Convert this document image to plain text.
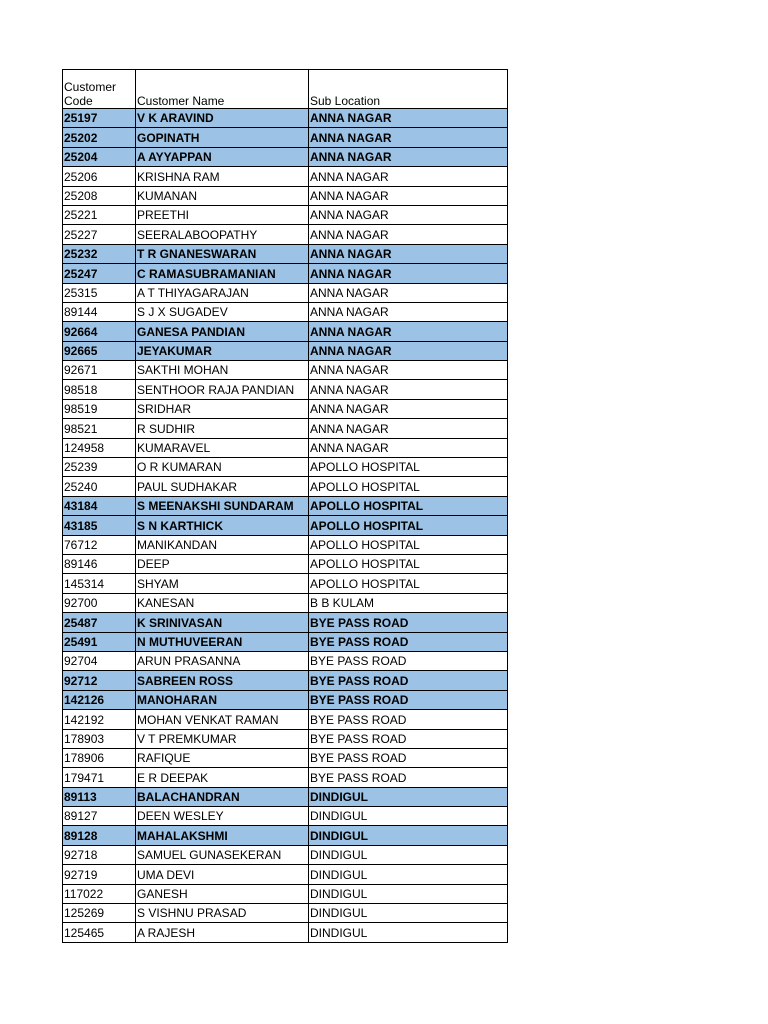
Customer
Code	Customer Name	Sub Location
25197	V K ARAVIND	ANNA NAGAR
25202	GOPINATH	ANNA NAGAR
25204	A AYYAPPAN	ANNA NAGAR
25206	KRISHNA RAM	ANNA NAGAR
25208	KUMANAN	ANNA NAGAR
25221	PREETHI	ANNA NAGAR
25227	SEERALABOOPATHY	ANNA NAGAR
25232	T R GNANESWARAN	ANNA NAGAR
25247	C RAMASUBRAMANIAN	ANNA NAGAR
25315	A T THIYAGARAJAN	ANNA NAGAR
89144	S J X SUGADEV	ANNA NAGAR
92664	GANESA PANDIAN	ANNA NAGAR
92665	JEYAKUMAR	ANNA NAGAR
92671	SAKTHI MOHAN	ANNA NAGAR
98518	SENTHOOR RAJA PANDIAN	ANNA NAGAR
98519	SRIDHAR	ANNA NAGAR
98521	R SUDHIR	ANNA NAGAR
124958	KUMARAVEL	ANNA NAGAR
25239	O R KUMARAN	APOLLO HOSPITAL
25240	PAUL SUDHAKAR	APOLLO HOSPITAL
43184	S MEENAKSHI SUNDARAM	APOLLO HOSPITAL
43185	S N KARTHICK	APOLLO HOSPITAL
76712	MANIKANDAN	APOLLO HOSPITAL
89146	DEEP	APOLLO HOSPITAL
145314	SHYAM	APOLLO HOSPITAL
92700	KANESAN	B B KULAM
25487	K SRINIVASAN	BYE PASS ROAD
25491	N MUTHUVEERAN	BYE PASS ROAD
92704	ARUN PRASANNA	BYE PASS ROAD
92712	SABREEN ROSS	BYE PASS ROAD
142126	MANOHARAN	BYE PASS ROAD
142192	MOHAN VENKAT RAMAN	BYE PASS ROAD
178903	V T PREMKUMAR	BYE PASS ROAD
178906	RAFIQUE	BYE PASS ROAD
179471	E R DEEPAK	BYE PASS ROAD
89113	BALACHANDRAN	DINDIGUL
89127	DEEN WESLEY	DINDIGUL
89128	MAHALAKSHMI	DINDIGUL
92718	SAMUEL GUNASEKERAN	DINDIGUL
92719	UMA DEVI	DINDIGUL
117022	GANESH	DINDIGUL
125269	S VISHNU PRASAD	DINDIGUL
125465	A RAJESH	DINDIGUL
